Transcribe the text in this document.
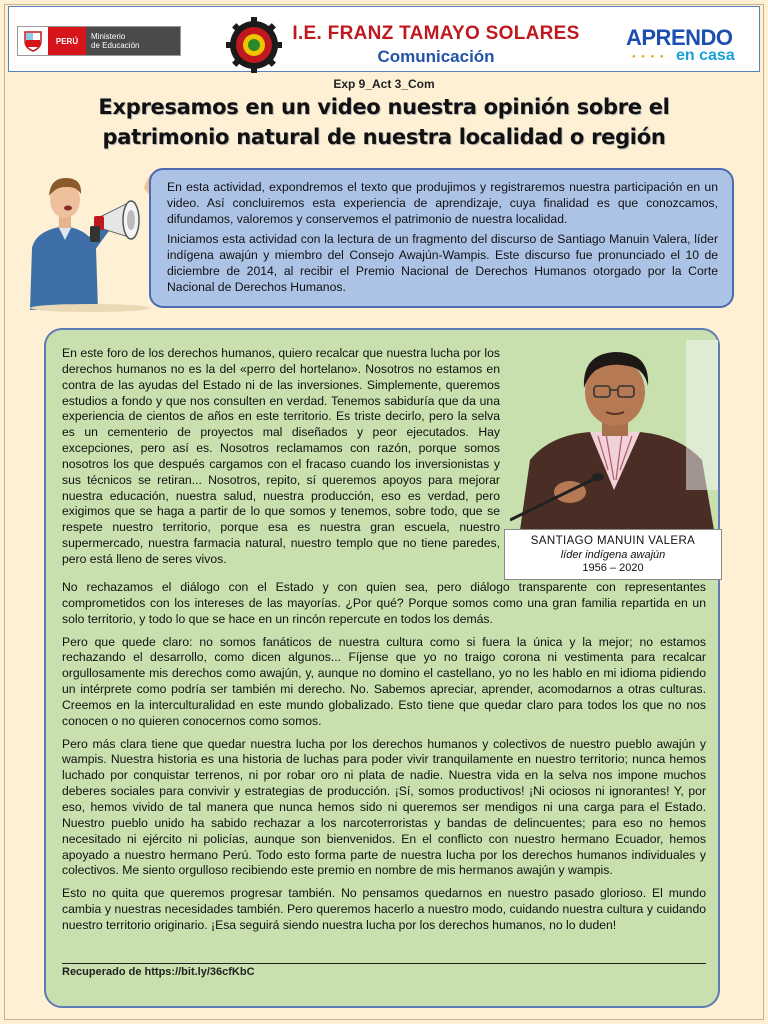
PERÚ	Ministerio
de Educación
I.E. FRANZ TAMAYO SOLARES
Comunicación
APRENDO
● ● ● ● en casa
Exp 9_Act 3_Com
Expresamos en un video nuestra opinión sobre el
patrimonio natural de nuestra localidad o región

En esta actividad, expondremos el texto que produjimos y registraremos nuestra participación en un video. Así concluiremos esta experiencia de aprendizaje, cuya finalidad es que conozcamos, difundamos, valoremos y conservemos el patrimonio de nuestra localidad.

Iniciamos esta actividad con la lectura de un fragmento del discurso de Santiago Manuin Valera, líder indígena awajún y miembro del Consejo Awajún-Wampis. Este discurso fue pronunciado el 10 de diciembre de 2014, al recibir el Premio Nacional de Derechos Humanos otorgado por la Corte Nacional de Derechos Humanos.

En este foro de los derechos humanos, quiero recalcar que nuestra lucha por los derechos humanos no es la del «perro del hortelano». Nosotros no estamos en contra de las ayudas del Estado ni de las inversiones. Simplemente, queremos estudios a fondo y que nos consulten en verdad. Tenemos sabiduría que da una experiencia de cientos de años en este territorio. Es triste decirlo, pero la selva es un cementerio de proyectos mal diseñados y peor ejecutados. Hay excepciones, pero así es. Nosotros reclamamos con razón, porque somos nosotros los que después cargamos con el fracaso cuando los inversionistas y sus técnicos se retiran... Nosotros, repito, sí queremos apoyos para mejorar nuestra educación, nuestra salud, nuestra producción, eso es verdad, pero exigimos que se haga a partir de lo que somos y tenemos, sobre todo, que se respete nuestro territorio, porque esa es nuestra gran escuela, nuestro supermercado, nuestra farmacia natural, nuestro templo que no tiene paredes, pero está lleno de seres vivos.
SANTIAGO MANUIN VALERA
líder indígena awajún
1956 – 2020

No rechazamos el diálogo con el Estado y con quien sea, pero diálogo transparente con representantes comprometidos con los intereses de las mayorías. ¿Por qué? Porque somos como una gran familia repartida en un solo territorio, y todo lo que se hace en un rincón repercute en todos los demás.

Pero que quede claro: no somos fanáticos de nuestra cultura como si fuera la única y la mejor; no estamos rechazando el desarrollo, como dicen algunos... Fíjense que yo no traigo corona ni vestimenta para recalcar orgullosamente mis derechos como awajún, y, aunque no domino el castellano, yo no les hablo en mi idioma pidiendo un intérprete como podría ser también mi derecho. No. Sabemos apreciar, aprender, acomodarnos a otras culturas. Creemos en la interculturalidad en este mundo globalizado. Esto tiene que quedar claro para todos los que no nos conocen o no quieren conocernos como somos.

Pero más clara tiene que quedar nuestra lucha por los derechos humanos y colectivos de nuestro pueblo awajún y wampis. Nuestra historia es una historia de luchas para poder vivir tranquilamente en nuestro territorio; nunca hemos luchado por conquistar terrenos, ni por robar oro ni plata de nadie. Nuestra vida en la selva nos impone muchos deberes sociales para convivir y estrategias de producción. ¡Sí, somos productivos! ¡Ni ociosos ni ignorantes! Y, por eso, hemos vivido de tal manera que nunca hemos sido ni queremos ser mendigos ni una carga para el Estado. Nuestro pueblo unido ha sabido rechazar a los narcoterroristas y bandas de delincuentes; para eso no hemos necesitado ni ejército ni policías, aunque son bienvenidos. En el conflicto con nuestro hermano Ecuador, hemos apoyado a nuestro hermano Perú. Todo esto forma parte de nuestra lucha por los derechos humanos individuales y colectivos. Me siento orgulloso recibiendo este premio en nombre de mis hermanos awajún y wampis.

Esto no quita que queremos progresar también. No pensamos quedarnos en nuestro pasado glorioso. El mundo cambia y nuestras necesidades también. Pero queremos hacerlo a nuestro modo, cuidando nuestra cultura y cuidando nuestro territorio originario. ¡Esa seguirá siendo nuestra lucha por los derechos humanos, no lo duden!

Recuperado de https://bit.ly/36cfKbC
